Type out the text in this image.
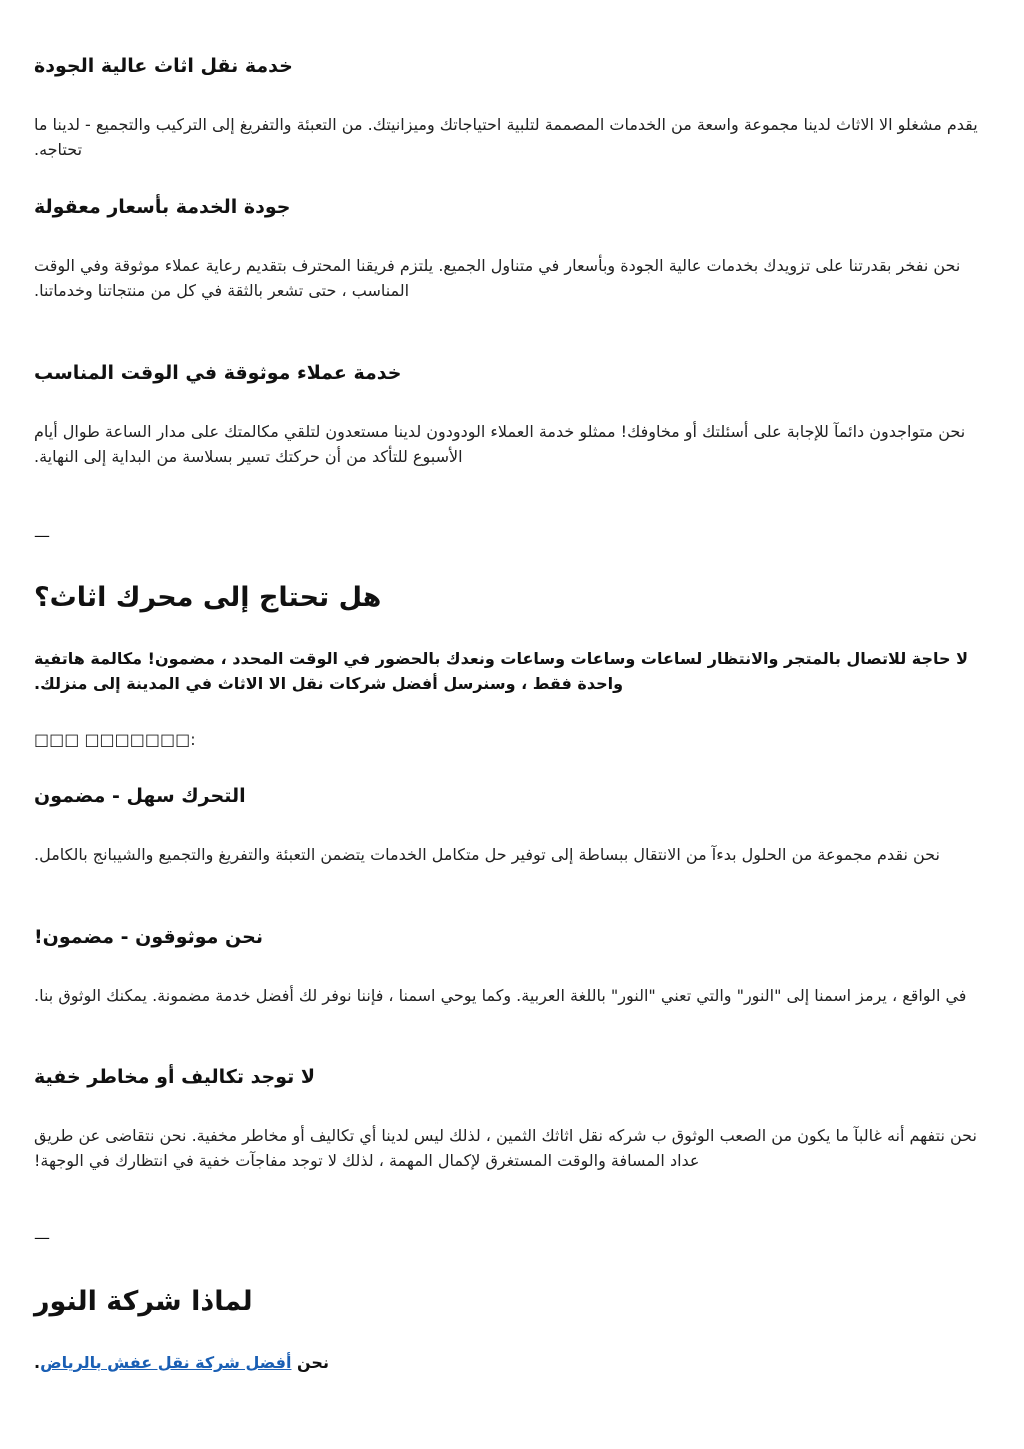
خدمة نقل اثاث عالية الجودة

يقدم مشغلو الا الاثاث لدينا مجموعة واسعة من الخدمات المصممة لتلبية احتياجاتك وميزانيتك. من التعبئة والتفريغ إلى التركيب والتجميع - لدينا ما تحتاجه.

جودة الخدمة بأسعار معقولة

نحن نفخر بقدرتنا على تزويدك بخدمات عالية الجودة وبأسعار في متناول الجميع. يلتزم فريقنا المحترف بتقديم رعاية عملاء موثوقة وفي الوقت المناسب ، حتى تشعر بالثقة في كل من منتجاتنا وخدماتنا.

خدمة عملاء موثوقة في الوقت المناسب

نحن متواجدون دائمآ للإجابة على أسئلتك أو مخاوفك! ممثلو خدمة العملاء الودودون لدينا مستعدون لتلقي مكالمتك على مدار الساعة طوال أيام الأسبوع للتأكد من أن حركتك تسير بسلاسة من البداية إلى النهاية.

—
هل تحتاج إلى محرك اثاث؟

لا حاجة للاتصال بالمتجر والانتظار لساعات وساعات وساعات ونعدك بالحضور في الوقت المحدد ، مضمون! مكالمة هاتفية واحدة فقط ، وسنرسل أفضل شركات نقل الا الاثاث في المدينة إلى منزلك.

□□□ □□□□□□□:

التحرك سهل - مضمون

نحن نقدم مجموعة من الحلول بدءآ من الانتقال ببساطة إلى توفير حل متكامل الخدمات يتضمن التعبئة والتفريغ والتجميع والشيبانج بالكامل.

نحن موثوقون - مضمون!

في الواقع ، يرمز اسمنا إلى "النور" والتي تعني "النور" باللغة العربية. وكما يوحي اسمنا ، فإننا نوفر لك أفضل خدمة مضمونة. يمكنك الوثوق بنا.

لا توجد تكاليف أو مخاطر خفية

نحن نتفهم أنه غالبآ ما يكون من الصعب الوثوق ب شركه نقل اثاثك الثمين ، لذلك ليس لدينا أي تكاليف أو مخاطر مخفية. نحن نتقاضى عن طريق عداد المسافة والوقت المستغرق لإكمال المهمة ، لذلك لا توجد مفاجآت خفية في انتظارك في الوجهة!

—
لماذا شركة النور

نحن أفضل شركة نقل عفش بالرياض.
